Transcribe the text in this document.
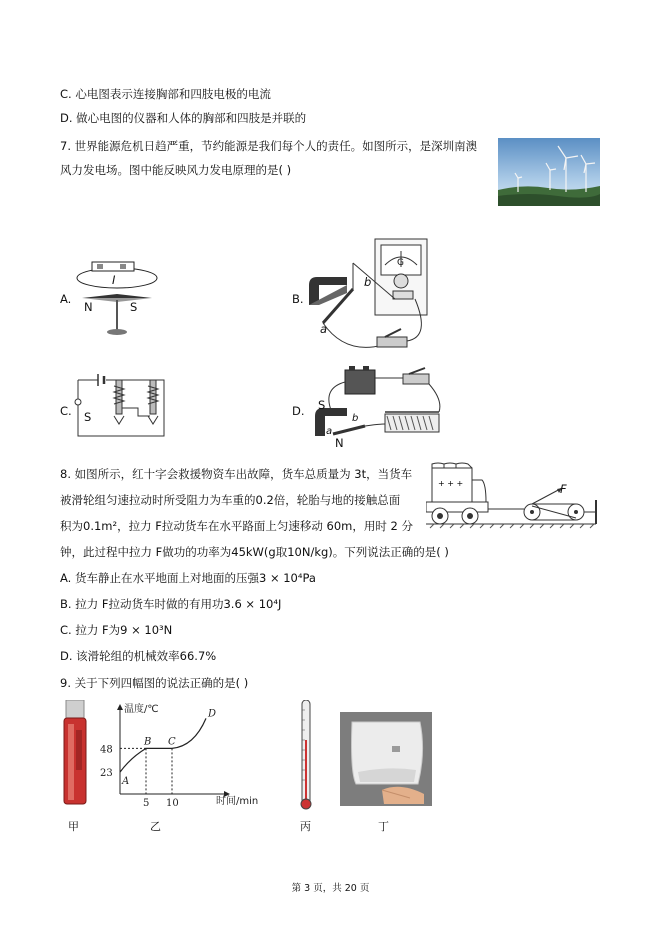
C. 心电图表示连接胸部和四肢电极的电流
D. 做心电图的仪器和人体的胸部和四肢是并联的
7. 世界能源危机日趋严重，节约能源是我们每个人的责任。如图所示，是深圳南澳
风力发电场。图中能反映风力发电原理的是( )
A.
I
N	S
B.
a
b
G
C. S	D. S
N
a
b
8. 如图所示，红十字会救援物资车出故障，货车总质量为 3t，当货车
被滑轮组匀速拉动时所受阻力为车重的0.2倍，轮胎与地的接触总面
积为0.1m²，拉力 F拉动货车在水平路面上匀速移动 60m，用时 2 分
钟，此过程中拉力 F做功的功率为45kW(g取10N/kg)。下列说法正确的是( )
A. 货车静止在水平地面上对地面的压强3 × 10⁴Pa
B. 拉力 F拉动货车时做的有用功3.6 × 10⁴J
C. 拉力 F为9 × 10³N
D. 该滑轮组的机械效率66.7%
+ + +	F
9. 关于下列四幅图的说法正确的是( )
温度/℃
时间/min
48
23
5 10
A
B C
D
甲	乙	丙	丁
第 3 页，共 20 页
